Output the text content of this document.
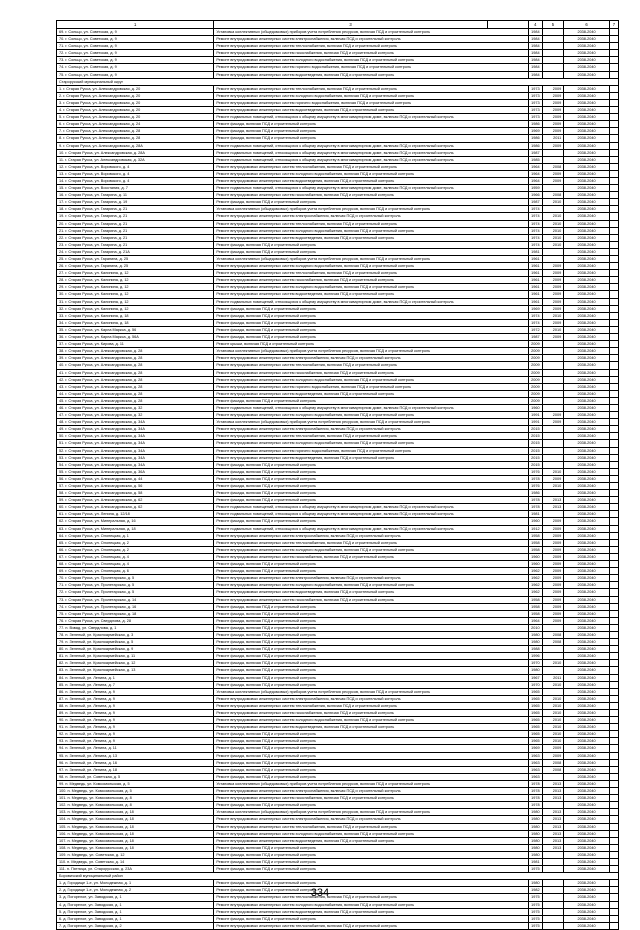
1	3		4	5	6	7
69. г. Сольцо, ул. Советская, д. 9	Установка коллективных (общедомовых) приборов учета потребления ресурсов, включая ПСД и строительный контроль		1984		2038-2040	
70. г. Сольцо, ул. Советская, д. 9	Ремонт внутридомовых инженерных систем электроснабжения, включая ПСД и строительный контроль		1984		2038-2040	
71. г. Сольцо, ул. Советская, д. 9	Ремонт внутридомовых инженерных систем теплоснабжения, включая ПСД и строительный контроль		1984		2038-2040	
72. г. Сольцо, ул. Советская, д. 9	Ремонт внутридомовых инженерных систем газоснабжения, включая ПСД и строительный контроль		1984		2038-2040	
73. г. Сольцо, ул. Советская, д. 9	Ремонт внутридомовых инженерных систем холодного водоснабжения, включая ПСД и строительный контроль		1984		2038-2040	
74. г. Сольцо, ул. Советская, д. 9	Ремонт внутридомовых инженерных систем горячего водоснабжения, включая ПСД и строительный контроль		1984		2038-2040	
75. г. Сольцо, ул. Советская, д. 9	Ремонт внутридомовых инженерных систем водоотведения, включая ПСД и строительный контроль		1984		2038-2040	
Старорусский муниципальный округ						
1. г. Старая Русса, ул. Александровская, д. 20	Ремонт внутридомовых инженерных систем теплоснабжения, включая ПСД и строительный контроль		1973	2009	2038-2040	
2. г. Старая Русса, ул. Александровская, д. 20	Ремонт внутридомовых инженерных систем холодного водоснабжения, включая ПСД и строительный контроль		1973	2009	2038-2040	
3. г. Старая Русса, ул. Александровская, д. 20	Ремонт внутридомовых инженерных систем горячего водоснабжения, включая ПСД и строительный контроль		1973	2009	2038-2040	
4. г. Старая Русса, ул. Александровская, д. 20	Ремонт внутридомовых инженерных систем водоотведения, включая ПСД и строительный контроль		1973	2009	2038-2040	
5. г. Старая Русса, ул. Александровская, д. 20	Ремонт подвальных помещений, относящихся к общему имуществу в многоквартирном доме, включая ПСД и строительный контроль		1973	2009	2038-2040	
6. г. Старая Русса, ул. Александровская, д. 24	Ремонт фасада, включая ПСД и строительный контроль		1986	2009	2038-2040	
7. г. Старая Русса, ул. Александровская, д. 28	Ремонт фасада, включая ПСД и строительный контроль		1969	2009	2038-2040	
8. г. Старая Русса, ул. Александровская, д. 28	Ремонт фасада, включая ПСД и строительный контроль		1986	2011	2038-2040	
9. г. Старая Русса, ул. Александровская, д. 28А	Ремонт подвальных помещений, относящихся к общему имуществу в многоквартирном доме, включая ПСД и строительный контроль		1986	2009	2038-2040	
10. г. Старая Русса, ул. Александровская, д. 28А	Ремонт подвальных помещений, относящихся к общему имуществу в многоквартирном доме, включая ПСД и строительный контроль		1987		2038-2040	
11. г. Старая Русса, ул. Александровская, д. 32А	Ремонт подвальных помещений, относящихся к общему имуществу в многоквартирном доме, включая ПСД и строительный контроль		1985		2038-2040	
12. г. Старая Русса, ул. Воровского, д. 4	Ремонт внутридомовых инженерных систем теплоснабжения, включая ПСД и строительный контроль		1964	2008	2038-2040	
13. г. Старая Русса, ул. Воровского, д. 4	Ремонт внутридомовых инженерных систем холодного водоснабжения, включая ПСД и строительный контроль		1964	2009	2038-2040	
14. г. Старая Русса, ул. Воровского, д. 4	Ремонт внутридомовых инженерных систем водоотведения, включая ПСД и строительный контроль		1964	2009	2038-2040	
15. г. Старая Русса, ул. Восстания, д. 7	Ремонт подвальных помещений, относящихся к общему имуществу в многоквартирном доме, включая ПСД и строительный контроль		1959		2038-2040	
16. г. Старая Русса, ул. Гагарина, д. 11	Ремонт внутридомовых инженерных систем газоснабжения, включая ПСД и строительный контроль		1966	2008	2038-2040	
17. г. Старая Русса, ул. Гагарина, д. 19	Ремонт фасада, включая ПСД и строительный контроль		1987	2010	2038-2040	
18. г. Старая Русса, ул. Гагарина, д. 21	Установка коллективных (общедомовых) приборов учета потребления ресурсов, включая ПСД и строительный контроль		1974		2038-2040	
19. г. Старая Русса, ул. Гагарина, д. 21	Ремонт внутридомовых инженерных систем электроснабжения, включая ПСД и строительный контроль		1974	2010	2038-2040	
20. г. Старая Русса, ул. Гагарина, д. 21	Ремонт внутридомовых инженерных систем теплоснабжения, включая ПСД и строительный контроль		1974	2010	2038-2040	
21. г. Старая Русса, ул. Гагарина, д. 21	Ремонт внутридомовых инженерных систем холодного водоснабжения, включая ПСД и строительный контроль		1974	2010	2038-2040	
22. г. Старая Русса, ул. Гагарина, д. 21	Ремонт внутридомовых инженерных систем водоотведения, включая ПСД и строительный контроль		1974	2010	2038-2040	
23. г. Старая Русса, ул. Гагарина, д. 21	Ремонт фасада, включая ПСД и строительный контроль		1974	2010	2038-2040	
24. г. Старая Русса, ул. Гагарина, д. 21А	Ремонт фасада, включая ПСД и строительный контроль		1981		2038-2040	
25. г. Старая Русса, ул. Гаранина, д. 25	Установка коллективных (общедомовых) приборов учета потребления ресурсов, включая ПСД и строительный контроль		1961		2038-2040	
26. г. Старая Русса, ул. Гаранина, д. 25	Ремонт внутридомовых инженерных систем холодного водоснабжения, включая ПСД и строительный контроль		1961	2009	2038-2040	
27. г. Старая Русса, ул. Калинина, д. 12	Ремонт внутридомовых инженерных систем теплоснабжения, включая ПСД и строительный контроль		1961	2009	2038-2040	
28. г. Старая Русса, ул. Калинина, д. 12	Ремонт внутридомовых инженерных систем газоснабжения, включая ПСД и строительный контроль		1961	2009	2038-2040	
29. г. Старая Русса, ул. Калинина, д. 12	Ремонт внутридомовых инженерных систем холодного водоснабжения, включая ПСД и строительный контроль		1961	2009	2038-2040	
30. г. Старая Русса, ул. Калинина, д. 12	Ремонт внутридомовых инженерных систем водоотведения, включая ПСД и строительный контроль		1961	2009	2038-2040	
31. г. Старая Русса, ул. Калинина, д. 12	Ремонт подвальных помещений, относящихся к общему имуществу в многоквартирном доме, включая ПСД и строительный контроль		1961	2009	2038-2040	
32. г. Старая Русса, ул. Калинина, д. 12	Ремонт фасада, включая ПСД и строительный контроль		1969	2009	2038-2040	
33. г. Старая Русса, ул. Калинина, д. 18	Ремонт фасада, включая ПСД и строительный контроль		1974	2010	2038-2040	
34. г. Старая Русса, ул. Калинина, д. 18	Ремонт фасада, включая ПСД и строительный контроль		1974	2009	2038-2040	
35. г. Старая Русса, ул. Карла Маркса, д. 56	Ремонт фасада, включая ПСД и строительный контроль		1972	2010	2038-2040	
36. г. Старая Русса, ул. Карла Маркса, д. 56А	Ремонт фасада, включая ПСД и строительный контроль		1987	2009	2038-2040	
37. г. Старая Русса, ул. Кирова, д. 11	Ремонт крыши, включая ПСД и строительный контроль		2009		2038-2040	
38. г. Старая Русса, ул. Александровская, д. 28	Установка коллективных (общедомовых) приборов учета потребления ресурсов, включая ПСД и строительный контроль		2009		2038-2040	
39. г. Старая Русса, ул. Александровская, д. 28	Ремонт внутридомовых инженерных систем электроснабжения, включая ПСД и строительный контроль		2009		2038-2040	
40. г. Старая Русса, ул. Александровская, д. 28	Ремонт внутридомовых инженерных систем теплоснабжения, включая ПСД и строительный контроль		2009		2038-2040	
41. г. Старая Русса, ул. Александровская, д. 28	Ремонт внутридомовых инженерных систем газоснабжения, включая ПСД и строительный контроль		2009		2038-2040	
42. г. Старая Русса, ул. Александровская, д. 28	Ремонт внутридомовых инженерных систем холодного водоснабжения, включая ПСД и строительный контроль		2009		2038-2040	
43. г. Старая Русса, ул. Александровская, д. 28	Ремонт внутридомовых инженерных систем горячего водоснабжения, включая ПСД и строительный контроль		2009		2038-2040	
44. г. Старая Русса, ул. Александровская, д. 28	Ремонт внутридомовых инженерных систем водоотведения, включая ПСД и строительный контроль		2009		2038-2040	
45. г. Старая Русса, ул. Александровская, д. 28	Ремонт фасада, включая ПСД и строительный контроль		2009		2038-2040	
46. г. Старая Русса, ул. Александровская, д. 32	Ремонт подвальных помещений, относящихся к общему имуществу в многоквартирном доме, включая ПСД и строительный контроль		1960		2038-2040	
47. г. Старая Русса, ул. Александровская, д. 32	Ремонт внутридомовых инженерных систем холодного водоснабжения, включая ПСД и строительный контроль		1991	2009	2038-2040	
48. г. Старая Русса, ул. Александровская, д. 34А	Установка коллективных (общедомовых) приборов учета потребления ресурсов, включая ПСД и строительный контроль		1991	2009	2038-2040	
49. г. Старая Русса, ул. Александровская, д. 34А	Ремонт внутридомовых инженерных систем электроснабжения, включая ПСД и строительный контроль		2015		2038-2040	
50. г. Старая Русса, ул. Александровская, д. 34А	Ремонт внутридомовых инженерных систем теплоснабжения, включая ПСД и строительный контроль		2015		2038-2040	
51. г. Старая Русса, ул. Александровская, д. 34А	Ремонт внутридомовых инженерных систем холодного водоснабжения, включая ПСД и строительный контроль		2015		2038-2040	
52. г. Старая Русса, ул. Александровская, д. 34А	Ремонт внутридомовых инженерных систем горячего водоснабжения, включая ПСД и строительный контроль		2015		2038-2040	
53. г. Старая Русса, ул. Александровская, д. 34А	Ремонт внутридомовых инженерных систем водоотведения, включая ПСД и строительный контроль		2015		2038-2040	
54. г. Старая Русса, ул. Александровская, д. 34А	Ремонт фасада, включая ПСД и строительный контроль		2015		2038-2040	
55. г. Старая Русса, ул. Александровская, д. 36А	Ремонт фасада, включая ПСД и строительный контроль		1976	2010	2038-2040	
56. г. Старая Русса, ул. Александровская, д. 44	Ремонт фасада, включая ПСД и строительный контроль		1978	2009	2038-2040	
57. г. Старая Русса, ул. Александровская, д. 56	Ремонт фасада, включая ПСД и строительный контроль		1976	2010	2038-2040	
58. г. Старая Русса, ул. Александровская, д. 58	Ремонт фасада, включая ПСД и строительный контроль		1986		2038-2040	
59. г. Старая Русса, ул. Александровская, д. 62	Ремонт фасада, включая ПСД и строительный контроль		1978	2013	2038-2040	
60. г. Старая Русса, ул. Александровская, д. 62	Ремонт подвальных помещений, относящихся к общему имуществу в многоквартирном доме, включая ПСД и строительный контроль		1978	2013	2038-2040	
61. г. Старая Русса, ул. Ленина, д. 12/18	Ремонт подвальных помещений, относящихся к общему имуществу в многоквартирном доме, включая ПСД и строительный контроль		1981		2038-2040	
62. г. Старая Русса, ул. Минеральная, д. 16	Ремонт фасада, включая ПСД и строительный контроль		1960	2009	2038-2040	
63. г. Старая Русса, ул. Минеральная, д. 18	Ремонт подвальных помещений, относящихся к общему имуществу в многоквартирном доме, включая ПСД и строительный контроль		1912	2009	2038-2040	
64. г. Старая Русса, ул. Олонецкая, д. 1	Ремонт внутридомовых инженерных систем электроснабжения, включая ПСД и строительный контроль		1958	2009	2038-2040	
65. г. Старая Русса, ул. Олонецкая, д. 2	Ремонт внутридомовых инженерных систем теплоснабжения, включая ПСД и строительный контроль		1958	2009	2038-2040	
66. г. Старая Русса, ул. Олонецкая, д. 2	Ремонт внутридомовых инженерных систем холодного водоснабжения, включая ПСД и строительный контроль		1958	2009	2038-2040	
67. г. Старая Русса, ул. Олонецкая, д. 4	Ремонт внутридомовых инженерных систем газоснабжения, включая ПСД и строительный контроль		1960	2009	2038-2040	
68. г. Старая Русса, ул. Олонецкая, д. 4	Ремонт фасада, включая ПСД и строительный контроль		1960	2009	2038-2040	
69. г. Старая Русса, ул. Олонецкая, д. 6	Ремонт фасада, включая ПСД и строительный контроль		1962	2009	2038-2040	
70. г. Старая Русса, ул. Пролетарская, д. 5	Ремонт внутридомовых инженерных систем электроснабжения, включая ПСД и строительный контроль		1962	2009	2038-2040	
71. г. Старая Русса, ул. Пролетарская, д. 5	Ремонт внутридомовых инженерных систем холодного водоснабжения, включая ПСД и строительный контроль		1962	2009	2038-2040	
72. г. Старая Русса, ул. Пролетарская, д. 5	Ремонт внутридомовых инженерных систем водоотведения, включая ПСД и строительный контроль		1962	2009	2038-2040	
73. г. Старая Русса, ул. Пролетарская, д. 14	Ремонт внутридомовых инженерных систем газоснабжения, включая ПСД и строительный контроль		1958	2009	2038-2040	
74. г. Старая Русса, ул. Пролетарская, д. 16	Ремонт фасада, включая ПСД и строительный контроль		1958	2009	2038-2040	
75. г. Старая Русса, ул. Пролетарская, д. 18	Ремонт фасада, включая ПСД и строительный контроль		1958	2009	2038-2040	
76. г. Старая Русса, ул. Свердлова, д. 28	Ремонт фасада, включая ПСД и строительный контроль		1964	2009	2038-2040	
77. п. Взвад, ул. Свердлова, д. 1	Ремонт фасада, включая ПСД и строительный контроль		2010		2038-2040	
78. п. Зеленый, ул. Красноармейская, д. 3	Ремонт фасада, включая ПСД и строительный контроль		1980	2008	2038-2040	
79. п. Зеленый, ул. Красноармейская, д. 5	Ремонт фасада, включая ПСД и строительный контроль		1980	2008	2038-2040	
80. п. Зеленый, ул. Красноармейская, д. 9	Ремонт фасада, включая ПСД и строительный контроль		1988		2038-2040	
81. п. Зеленый, ул. Красноармейская, д. 11	Ремонт фасада, включая ПСД и строительный контроль		1996		2038-2040	
82. п. Зеленый, ул. Красноармейская, д. 12	Ремонт фасада, включая ПСД и строительный контроль		1970	2010	2038-2040	
83. п. Зеленый, ул. Красноармейская, д. 13	Ремонт фасада, включая ПСД и строительный контроль		1980		2038-2040	
84. п. Зеленый, ул. Ленина, д. 1	Ремонт фасада, включая ПСД и строительный контроль		1967	2011	2038-2040	
85. п. Зеленый, ул. Ленина, д. 7	Ремонт фасада, включая ПСД и строительный контроль		1970	2010	2038-2040	
86. п. Зеленый, ул. Ленина, д. 9	Установка коллективных (общедомовых) приборов учета потребления ресурсов, включая ПСД и строительный контроль		1965		2038-2040	
87. п. Зеленый, ул. Ленина, д. 9	Ремонт внутридомовых инженерных систем электроснабжения, включая ПСД и строительный контроль		1965	2010	2038-2040	
88. п. Зеленый, ул. Ленина, д. 9	Ремонт внутридомовых инженерных систем теплоснабжения, включая ПСД и строительный контроль		1965	2010	2038-2040	
89. п. Зеленый, ул. Ленина, д. 9	Ремонт внутридомовых инженерных систем газоснабжения, включая ПСД и строительный контроль		1965	2010	2038-2040	
90. п. Зеленый, ул. Ленина, д. 9	Ремонт внутридомовых инженерных систем холодного водоснабжения, включая ПСД и строительный контроль		1965	2010	2038-2040	
91. п. Зеленый, ул. Ленина, д. 9	Ремонт внутридомовых инженерных систем водоотведения, включая ПСД и строительный контроль		1965	2010	2038-2040	
92. п. Зеленый, ул. Ленина, д. 9	Ремонт фасада, включая ПСД и строительный контроль		1965	2010	2038-2040	
93. п. Зеленый, ул. Ленина, д. 9	Ремонт фасада, включая ПСД и строительный контроль		1965	2010	2038-2040	
94. п. Зеленый, ул. Ленина, д. 11	Ремонт фасада, включая ПСД и строительный контроль		1969	2009	2038-2040	
95. п. Зеленый, ул. Ленина, д. 13	Ремонт фасада, включая ПСД и строительный контроль		1963	2009	2038-2040	
96. п. Зеленый, ул. Ленина, д. 16	Ремонт фасада, включая ПСД и строительный контроль		1963	2008	2038-2040	
97. п. Зеленый, ул. Ленина, д. 18	Ремонт фасада, включая ПСД и строительный контроль		1963	2008	2038-2040	
98. п. Зеленый, ул. Советская, д. 5	Ремонт фасада, включая ПСД и строительный контроль		1963		2038-2040	
99. п. Медведь, ул. Комсомольская, д. 5	Установка коллективных (общедомовых) приборов учета потребления ресурсов, включая ПСД и строительный контроль		1978	2013	2038-2040	
100. п. Медведь, ул. Комсомольская, д. 5	Ремонт внутридомовых инженерных систем электроснабжения, включая ПСД и строительный контроль		1978	2013	2038-2040	
101. п. Медведь, ул. Комсомольская, д. 8	Ремонт внутридомовых инженерных систем газоснабжения, включая ПСД и строительный контроль		1978	2013	2038-2040	
102. п. Медведь, ул. Комсомольская, д. 8	Ремонт фасада, включая ПСД и строительный контроль		1978		2038-2040	
103. п. Медведь, ул. Комсомольская, д. 18	Установка коллективных (общедомовых) приборов учета потребления ресурсов, включая ПСД и строительный контроль		1980	2013	2038-2040	
104. п. Медведь, ул. Комсомольская, д. 18	Ремонт внутридомовых инженерных систем электроснабжения, включая ПСД и строительный контроль		1980	2013	2038-2040	
105. п. Медведь, ул. Комсомольская, д. 18	Ремонт внутридомовых инженерных систем теплоснабжения, включая ПСД и строительный контроль		1980	2013	2038-2040	
106. п. Медведь, ул. Комсомольская, д. 18	Ремонт внутридомовых инженерных систем холодного водоснабжения, включая ПСД и строительный контроль		1980	2013	2038-2040	
107. п. Медведь, ул. Комсомольская, д. 18	Ремонт внутридомовых инженерных систем водоотведения, включая ПСД и строительный контроль		1980	2013	2038-2040	
108. п. Медведь, ул. Комсомольская, д. 18	Ремонт фасада, включая ПСД и строительный контроль		1980	2013	2038-2040	
109. п. Медведь, ул. Советская, д. 12	Ремонт фасада, включая ПСД и строительный контроль		1980		2038-2040	
110. п. Медведь, ул. Советская, д. 14	Ремонт фасада, включая ПСД и строительный контроль		1981		2038-2040	
111. п. Пятница, ул. Старорусская, д. 23А	Ремонт фасада, включая ПСД и строительный контроль		1975		2038-2040	
Боровичский муниципальный район						
1. д. Городище 1-е, ул. Молодежная, д. 1	Ремонт фасада, включая ПСД и строительный контроль		1980		2038-2040	
2. д. Городище 1-е, ул. Молодежная, д. 2	Ремонт фасада, включая ПСД и строительный контроль		1982		2038-2040	
3. д. Погорелое, ул. Заводская, д. 1	Ремонт внутридомовых инженерных систем теплоснабжения, включая ПСД и строительный контроль		1975		2038-2040	
4. д. Погорелое, ул. Заводская, д. 1	Ремонт внутридомовых инженерных систем холодного водоснабжения, включая ПСД и строительный контроль		1975		2038-2040	
5. д. Погорелое, ул. Заводская, д. 1	Ремонт внутридомовых инженерных систем водоотведения, включая ПСД и строительный контроль		1975		2038-2040	
6. д. Погорелое, ул. Заводская, д. 1	Ремонт фасада, включая ПСД и строительный контроль		1975		2038-2040	
7. д. Погорелое, ул. Заводская, д. 2	Ремонт внутридомовых инженерных систем теплоснабжения, включая ПСД и строительный контроль		1975		2038-2040	
334
